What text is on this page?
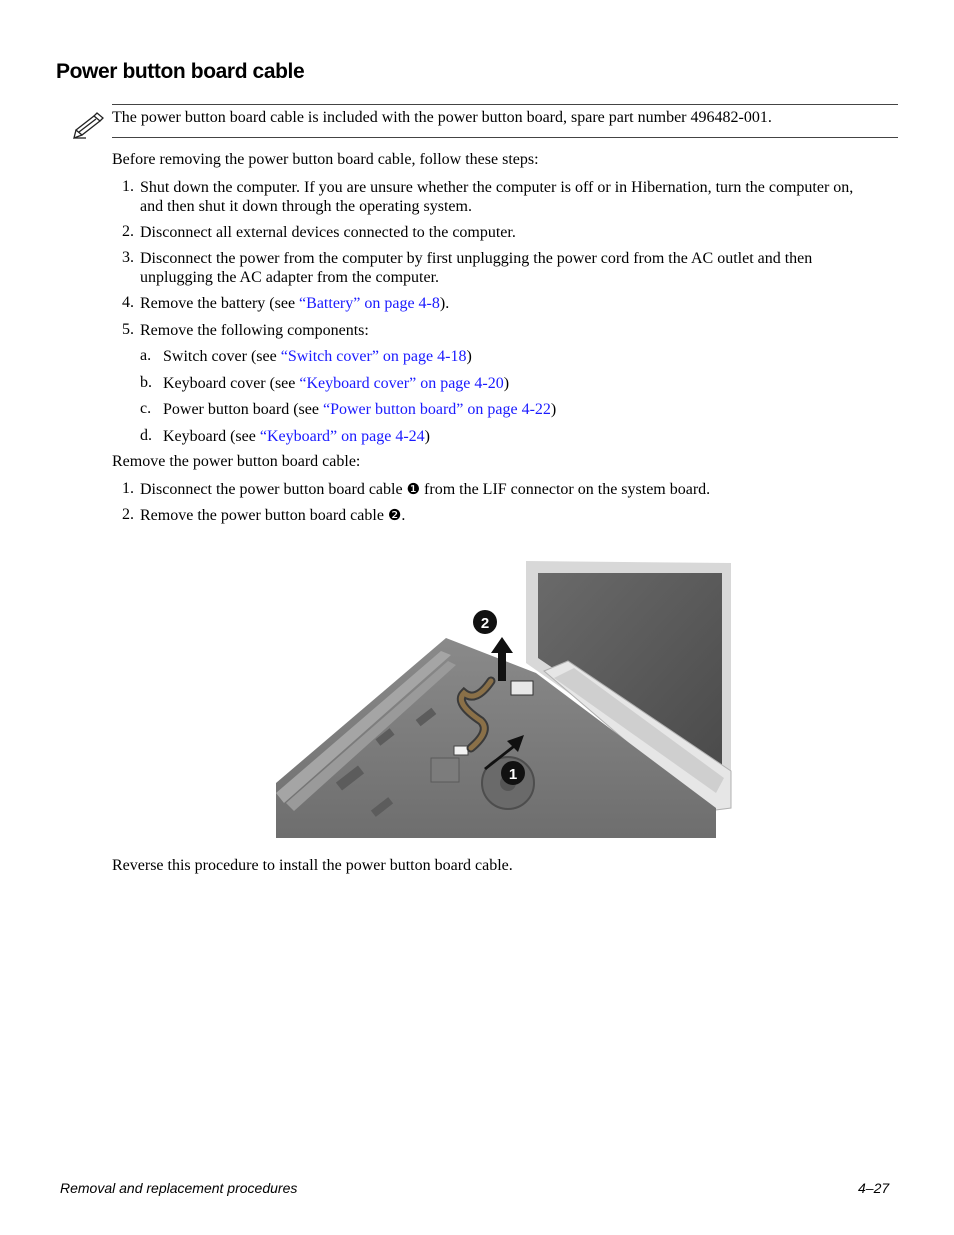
Power button board cable
The power button board cable is included with the power button board, spare part number 496482-001.
Before removing the power button board cable, follow these steps:
1. Shut down the computer. If you are unsure whether the computer is off or in Hibernation, turn the computer on,
and then shut it down through the operating system.
2. Disconnect all external devices connected to the computer.
3. Disconnect the power from the computer by first unplugging the power cord from the AC outlet and then
unplugging the AC adapter from the computer.
4. Remove the battery (see “Battery” on page 4-8).
5. Remove the following components:
a. Switch cover (see “Switch cover” on page 4-18)
b. Keyboard cover (see “Keyboard cover” on page 4-20)
c. Power button board (see “Power button board” on page 4-22)
d. Keyboard (see “Keyboard” on page 4-24)
Remove the power button board cable:
1. Disconnect the power button board cable ❶ from the LIF connector on the system board.
2. Remove the power button board cable ❷.
1
2
Reverse this procedure to install the power button board cable.
Removal and replacement procedures	4–27
